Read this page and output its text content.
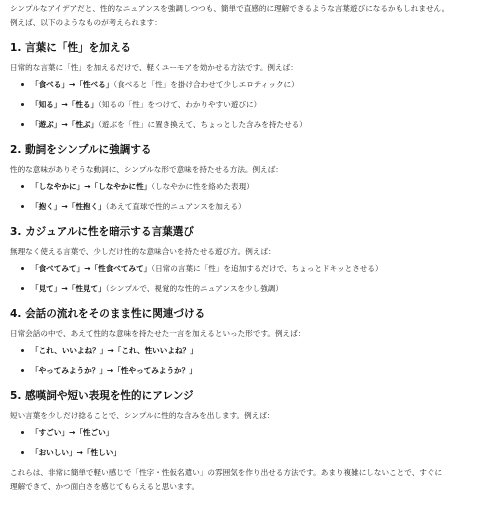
シンプルなアイデアだと、性的なニュアンスを強調しつつも、簡単で直感的に理解できるような言葉遊びになるかもしれません。

例えば、以下のようなものが考えられます：

1. 言葉に「性」を加える

日常的な言葉に「性」を加えるだけで、軽くユーモアを効かせる方法です。例えば：

「食べる」→「性べる」（食べると「性」を掛け合わせて少しエロティックに）
「知る」→「性る」（知るの「性」をつけて、わかりやすい遊びに）
「遊ぶ」→「性ぶ」（遊ぶを「性」に置き換えて、ちょっとした含みを持たせる）
2. 動詞をシンプルに強調する

性的な意味がありそうな動詞に、シンプルな形で意味を持たせる方法。例えば：

「しなやかに」→「しなやかに性」（しなやかに性を絡めた表現）
「抱く」→「性抱く」（あえて直球で性的ニュアンスを加える）
3. カジュアルに性を暗示する言葉選び

無理なく使える言葉で、少しだけ性的な意味合いを持たせる遊び方。例えば：

「食べてみて」→「性食べてみて」（日常の言葉に「性」を追加するだけで、ちょっとドキッとさせる）
「見て」→「性見て」（シンプルで、視覚的な性的ニュアンスを少し強調）
4. 会話の流れをそのまま性に関連づける

日常会話の中で、あえて性的な意味を持たせた一言を加えるといった形です。例えば：

「これ、いいよね？」→「これ、性いいよね？」
「やってみようか？」→「性やってみようか？」
5. 感嘆詞や短い表現を性的にアレンジ

短い言葉を少しだけ捻ることで、シンプルに性的な含みを出します。例えば：

「すごい」→「性ごい」
「おいしい」→「性しい」

これらは、非常に簡単で軽い感じで「性字・性仮名遣い」の雰囲気を作り出せる方法です。あまり複雑にしないことで、すぐに

理解できて、かつ面白さを感じてもらえると思います。
